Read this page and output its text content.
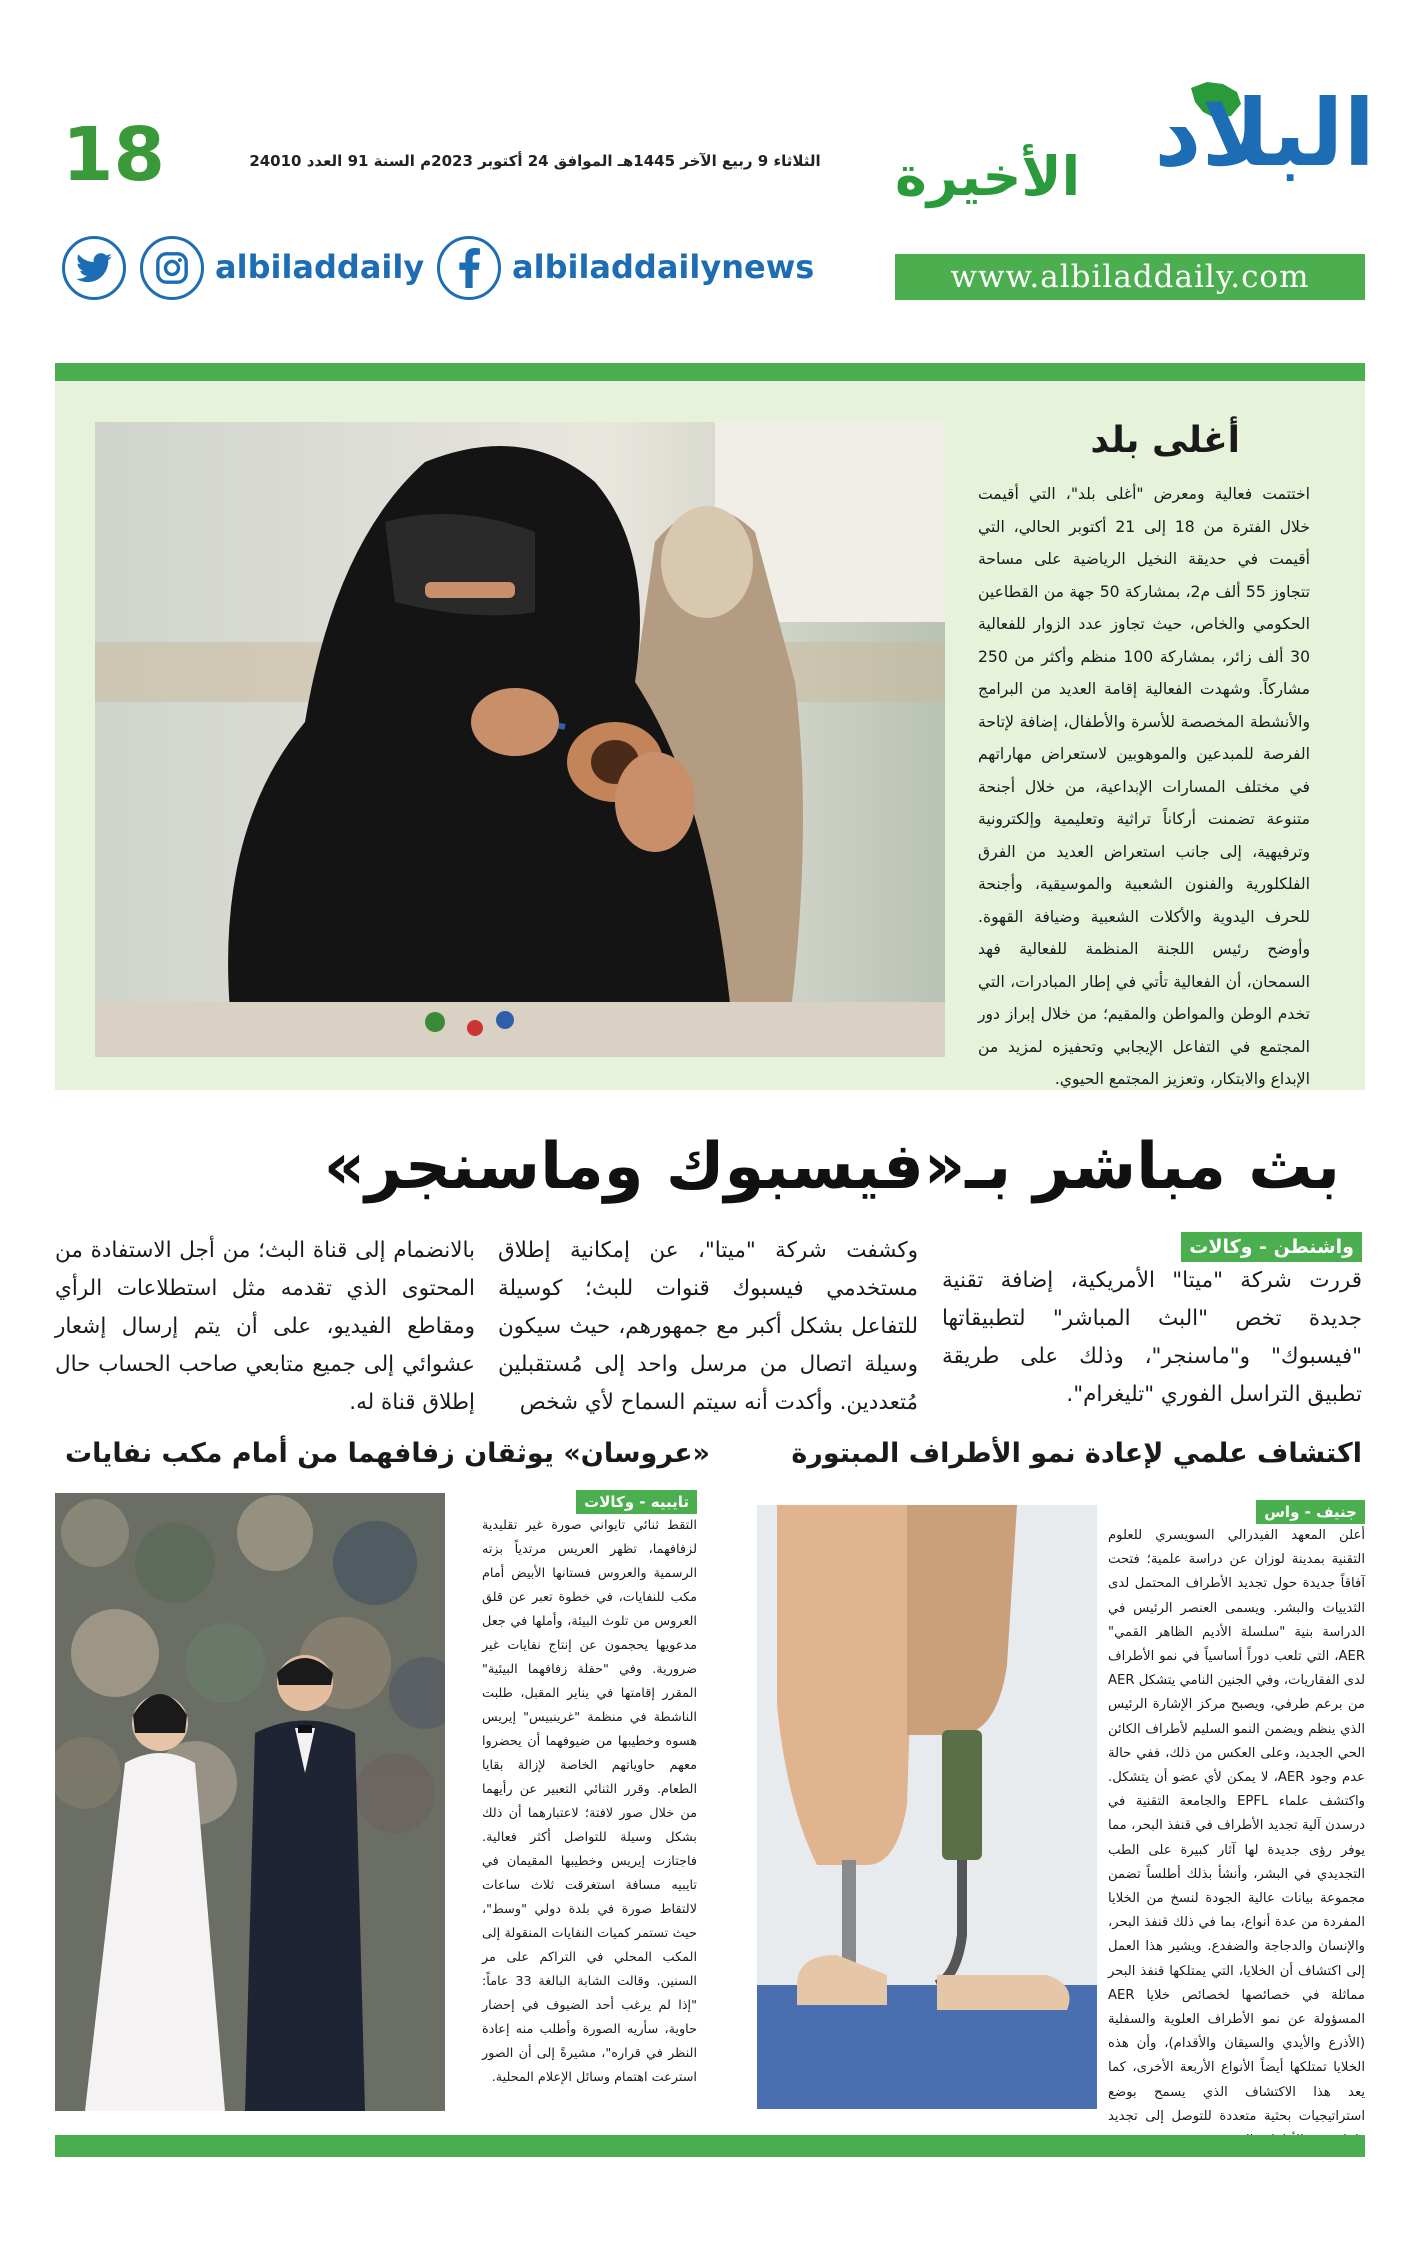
18	الثلاثاء 9 ربيع الآخر 1445هـ الموافق 24 أكتوبر 2023م السنة 91 العدد 24010	البلاد
الأخيرة
www.albiladdaily.com
albiladdaily	albiladdailynews
أغلى بلد
اختتمت فعالية ومعرض "أغلى بلد"، التي أقيمت خلال الفترة من 18 إلى 21 أكتوبر الحالي، التي أقيمت في حديقة النخيل الرياضية على مساحة تتجاوز 55 ألف م2، بمشاركة 50 جهة من القطاعين الحكومي والخاص، حيث تجاوز عدد الزوار للفعالية 30 ألف زائر، بمشاركة 100 منظم وأكثر من 250 مشاركاً. وشهدت الفعالية إقامة العديد من البرامج والأنشطة المخصصة للأسرة والأطفال، إضافة لإتاحة الفرصة للمبدعين والموهوبين لاستعراض مهاراتهم في مختلف المسارات الإبداعية، من خلال أجنحة متنوعة تضمنت أركاناً تراثية وتعليمية وإلكترونية وترفيهية، إلى جانب استعراض العديد من الفرق الفلكلورية والفنون الشعبية والموسيقية، وأجنحة للحرف اليدوية والأكلات الشعبية وضيافة القهوة. وأوضح رئيس اللجنة المنظمة للفعالية فهد السمحان، أن الفعالية تأتي في إطار المبادرات، التي تخدم الوطن والمواطن والمقيم؛ من خلال إبراز دور المجتمع في التفاعل الإيجابي وتحفيزه لمزيد من الإبداع والابتكار، وتعزيز المجتمع الحيوي.
بث مباشر بـ«فيسبوك وماسنجر»
واشنطن - وكالات
قررت شركة "ميتا" الأمريكية، إضافة تقنية جديدة تخص "البث المباشر" لتطبيقاتها "فيسبوك" و"ماسنجر"، وذلك على طريقة تطبيق التراسل الفوري "تليغرام".
وكشفت شركة "ميتا"، عن إمكانية إطلاق مستخدمي فيسبوك قنوات للبث؛ كوسيلة للتفاعل بشكل أكبر مع جمهورهم، حيث سيكون وسيلة اتصال من مرسل واحد إلى مُستقبلين مُتعددين. وأكدت أنه سيتم السماح لأي شخص
بالانضمام إلى قناة البث؛ من أجل الاستفادة من المحتوى الذي تقدمه مثل استطلاعات الرأي ومقاطع الفيديو، على أن يتم إرسال إشعار عشوائي إلى جميع متابعي صاحب الحساب حال إطلاق قناة له.
اكتشاف علمي لإعادة نمو الأطراف المبتورة
جنيف - واس
أعلن المعهد الفيدرالي السويسري للعلوم التقنية بمدينة لوزان عن دراسة علمية؛ فتحت آفاقاً جديدة حول تجديد الأطراف المحتمل لدى الثدييات والبشر. ويسمى العنصر الرئيس في الدراسة بنية "سلسلة الأديم الظاهر القمي" AER، التي تلعب دوراً أساسياً في نمو الأطراف لدى الفقاريات، وفي الجنين النامي يتشكل AER من برعم طرفي، ويصبح مركز الإشارة الرئيس الذي ينظم ويضمن النمو السليم لأطراف الكائن الحي الجديد، وعلى العكس من ذلك، ففي حالة عدم وجود AER، لا يمكن لأي عضو أن يتشكل. واكتشف علماء EPFL والجامعة التقنية في درسدن آلية تجديد الأطراف في قنفذ البحر، مما يوفر رؤى جديدة لها آثار كبيرة على الطب التجديدي في البشر، وأنشأ بذلك أطلساً تضمن مجموعة بيانات عالية الجودة لنسخ من الخلايا المفردة من عدة أنواع، بما في ذلك قنفذ البحر، والإنسان والدجاجة والضفدع. ويشير هذا العمل إلى اكتشاف أن الخلايا، التي يمتلكها قنفذ البحر مماثلة في خصائصها لخصائص خلايا AER المسؤولة عن نمو الأطراف العلوية والسفلية (الأذرع والأيدي والسيقان والأقدام)، وأن هذه الخلايا تمتلكها أيضاً الأنواع الأربعة الأخرى، كما يعد هذا الاكتشاف الذي يسمح بوضع استراتيجيات بحثية متعددة للتوصل إلى تجديد
«عروسان» يوثقان زفافهما من أمام مكب نفايات
تايبيه - وكالات
التقط ثنائي تايواني صورة غير تقليدية لزفافهما، تظهر العريس مرتدياً بزته الرسمية والعروس فستانها الأبيض أمام مكب للنفايات، في خطوة تعبر عن قلق العروس من تلوث البيئة، وأملها في جعل مدعويها يحجمون عن إنتاج نفايات غير ضرورية. وفي "حفلة زفافهما البيئية" المقرر إقامتها في يناير المقبل، طلبت الناشطة في منظمة "غرينبيس" إيريس هسوه وخطيبها من ضيوفهما أن يحضروا معهم حاوياتهم الخاصة لإزالة بقايا الطعام. وقرر الثنائي التعبير عن رأيهما من خلال صور لافتة؛ لاعتبارهما أن ذلك بشكل وسيلة للتواصل أكثر فعالية. فاجتازت إيريس وخطيبها المقيمان في تايبيه مسافة استغرقت ثلاث ساعات لالتقاط صورة في بلدة دولي "وسط"، حيث تستمر كميات النفايات المنقولة إلى المكب المحلي في التراكم على مر السنين. وقالت الشابة البالغة 33 عاماً: "إذا لم يرغب أحد الضيوف في إحضار حاوية، سأريه الصورة وأطلب منه إعادة النظر في قراره"، مشيرةً إلى أن الصور استرعت اهتمام وسائل الإعلام المحلية.
